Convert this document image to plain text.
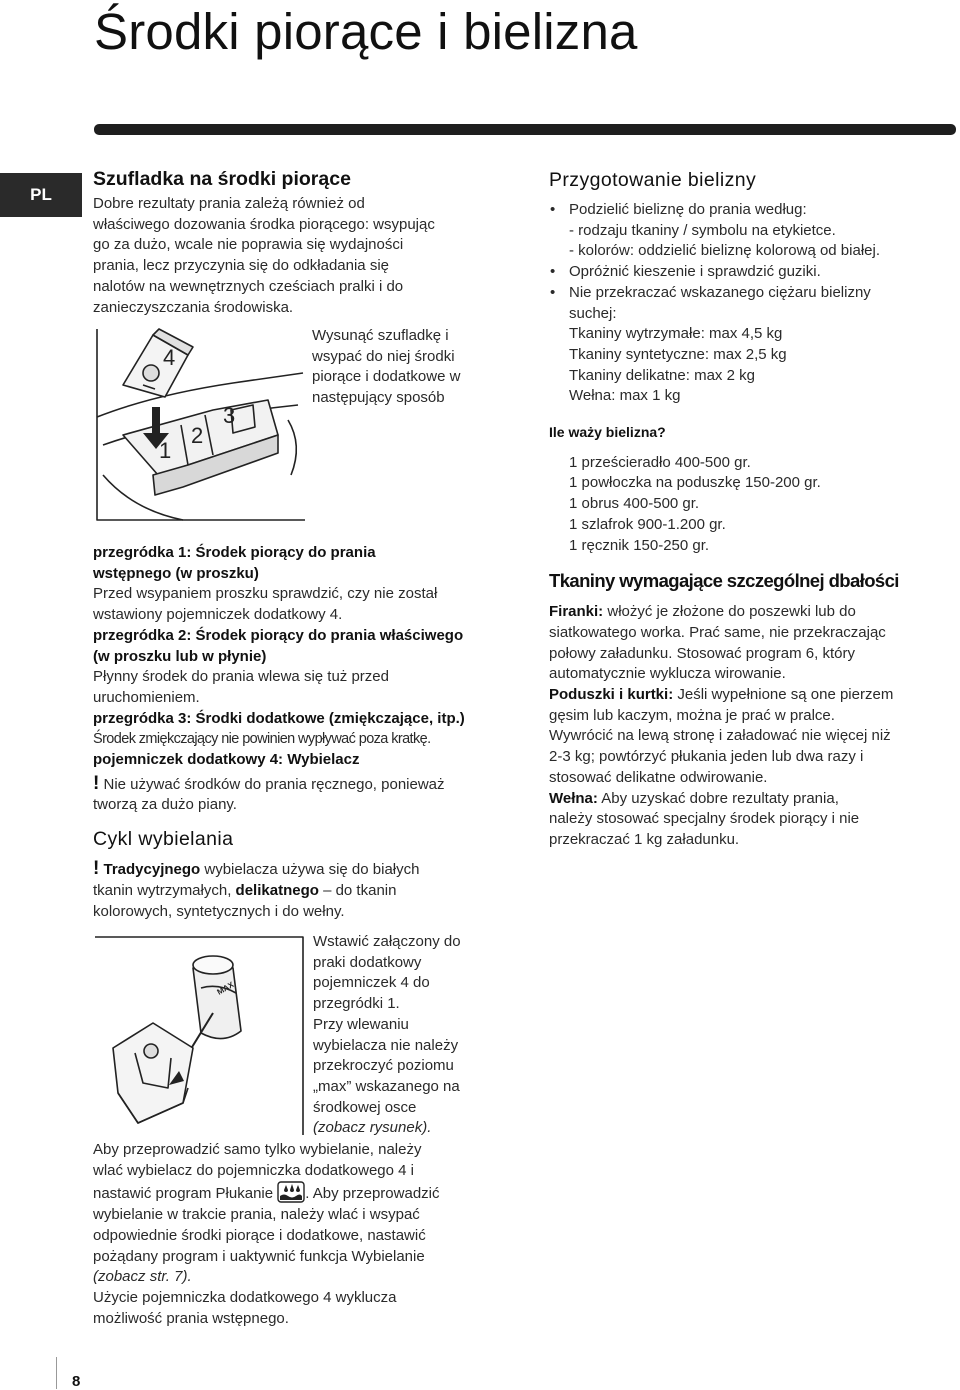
Środki piorące i bielizna
PL
Szufladka na środki piorące

Dobre rezultaty prania zależą również od
właściwego dozowania środka piorącego: wsypując
go za dużo, wcale nie poprawia się wydajności
prania, lecz przyczynia się do odkładania się
nalotów na wewnętrznych cześciach pralki i do
zanieczyszczania środowiska.

4
3
2
1
Wysunąć szufladkę i
wsypać do niej środki
piorące i dodatkowe w
następujący sposób

przegródka 1: Środek piorący do prania
wstępnego (w proszku)

Przed wsypaniem proszku sprawdzić, czy nie został
wstawiony pojemniczek dodatkowy 4.

przegródka 2: Środek piorący do prania właściwego
(w proszku lub w płynie)

Płynny środek do prania wlewa się tuż przed
uruchomieniem.

przegródka 3: Środki dodatkowe (zmiękczające, itp.)

Środek zmiękczający nie powinien wypływać poza kratkę.

pojemniczek dodatkowy 4: Wybielacz

! Nie używać środków do prania ręcznego, ponieważ
tworzą za dużo piany.

Cykl wybielania

! Tradycyjnego wybielacza używa się do białych
tkanin wytrzymałych, delikatnego – do tkanin
kolorowych, syntetycznych i do wełny.

MAX
Wstawić załączony do
praki dodatkowy
pojemniczek 4 do
przegródki 1.
Przy wlewaniu
wybielacza nie należy
przekroczyć poziomu
„max” wskazanego na
środkowej osce
(zobacz rysunek).
Aby przeprowadzić samo tylko wybielanie, należy
wlać wybielacz do pojemniczka dodatkowego 4 i
nastawić program Płukanie . Aby przeprowadzić
wybielanie w trakcie prania, należy wlać i wsypać
odpowiednie środki piorące i dodatkowe, nastawić
pożądany program i uaktywnić funkcja Wybielanie
(zobacz str. 7).
Użycie pojemniczka dodatkowego 4 wyklucza
możliwość prania wstępnego.
Przygotowanie bielizny
• Podzielić bieliznę do prania według:
- rodzaju tkaniny / symbolu na etykietce.
- kolorów: oddzielić bieliznę kolorową od białej.
• Opróżnić kieszenie i sprawdzić guziki.
• Nie przekraczać wskazanego ciężaru bielizny
suchej:
Tkaniny wytrzymałe: max 4,5 kg
Tkaniny syntetyczne: max 2,5 kg
Tkaniny delikatne: max 2 kg
Wełna: max 1 kg

Ile waży bielizna?

1 prześcieradło 400-500 gr.
1 powłoczka na poduszkę 150-200 gr.
1 obrus 400-500 gr.
1 szlafrok 900-1.200 gr.
1 ręcznik 150-250 gr.
Tkaniny wymagające szczególnej dbałości

Firanki: włożyć je złożone do poszewki lub do
siatkowatego worka. Prać same, nie przekraczając
połowy załadunku. Stosować program 6, który
automatycznie wyklucza wirowanie.

Poduszki i kurtki: Jeśli wypełnione są one pierzem
gęsim lub kaczym, można je prać w pralce.
Wywrócić na lewą stronę i załadować nie więcej niż
2-3 kg; powtórzyć płukania jeden lub dwa razy i
stosować delikatne odwirowanie.

Wełna: Aby uzyskać dobre rezultaty prania,
należy stosować specjalny środek piorący i nie
przekraczać 1 kg załadunku.

8
